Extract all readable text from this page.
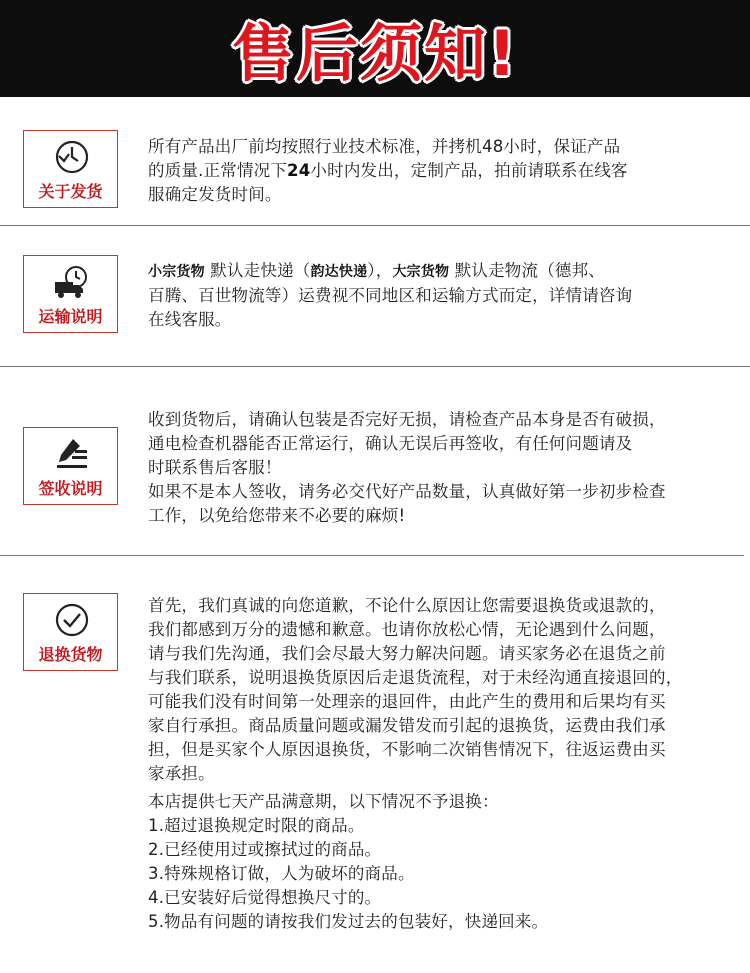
售后须知!
关于发货

所有产品出厂前均按照行业技术标准，并拷机48小时，保证产品

的质量.正常情况下24小时内发出，定制产品，拍前请联系在线客

服确定发货时间。

运输说明

小宗货物 默认走快递（韵达快递），大宗货物 默认走物流（德邦、

百腾、百世物流等）运费视不同地区和运输方式而定，详情请咨询

在线客服。

签收说明

收到货物后，请确认包装是否完好无损，请检查产品本身是否有破损，

通电检查机器能否正常运行，确认无误后再签收，有任何问题请及

时联系售后客服！

如果不是本人签收，请务必交代好产品数量，认真做好第一步初步检查

工作，以免给您带来不必要的麻烦!

退换货物

首先，我们真诚的向您道歉，不论什么原因让您需要退换货或退款的，

我们都感到万分的遗憾和歉意。也请你放松心情，无论遇到什么问题，

请与我们先沟通，我们会尽最大努力解决问题。请买家务必在退货之前

与我们联系，说明退换货原因后走退货流程，对于未经沟通直接退回的，

可能我们没有时间第一处理亲的退回件，由此产生的费用和后果均有买

家自行承担。商品质量问题或漏发错发而引起的退换货，运费由我们承

担，但是买家个人原因退换货，不影响二次销售情况下，往返运费由买

家承担。

本店提供七天产品满意期，以下情况不予退换：

1.超过退换规定时限的商品。

2.已经使用过或擦拭过的商品。

3.特殊规格订做，人为破坏的商品。

4.已安装好后觉得想换尺寸的。

5.物品有问题的请按我们发过去的包装好，快递回来。
